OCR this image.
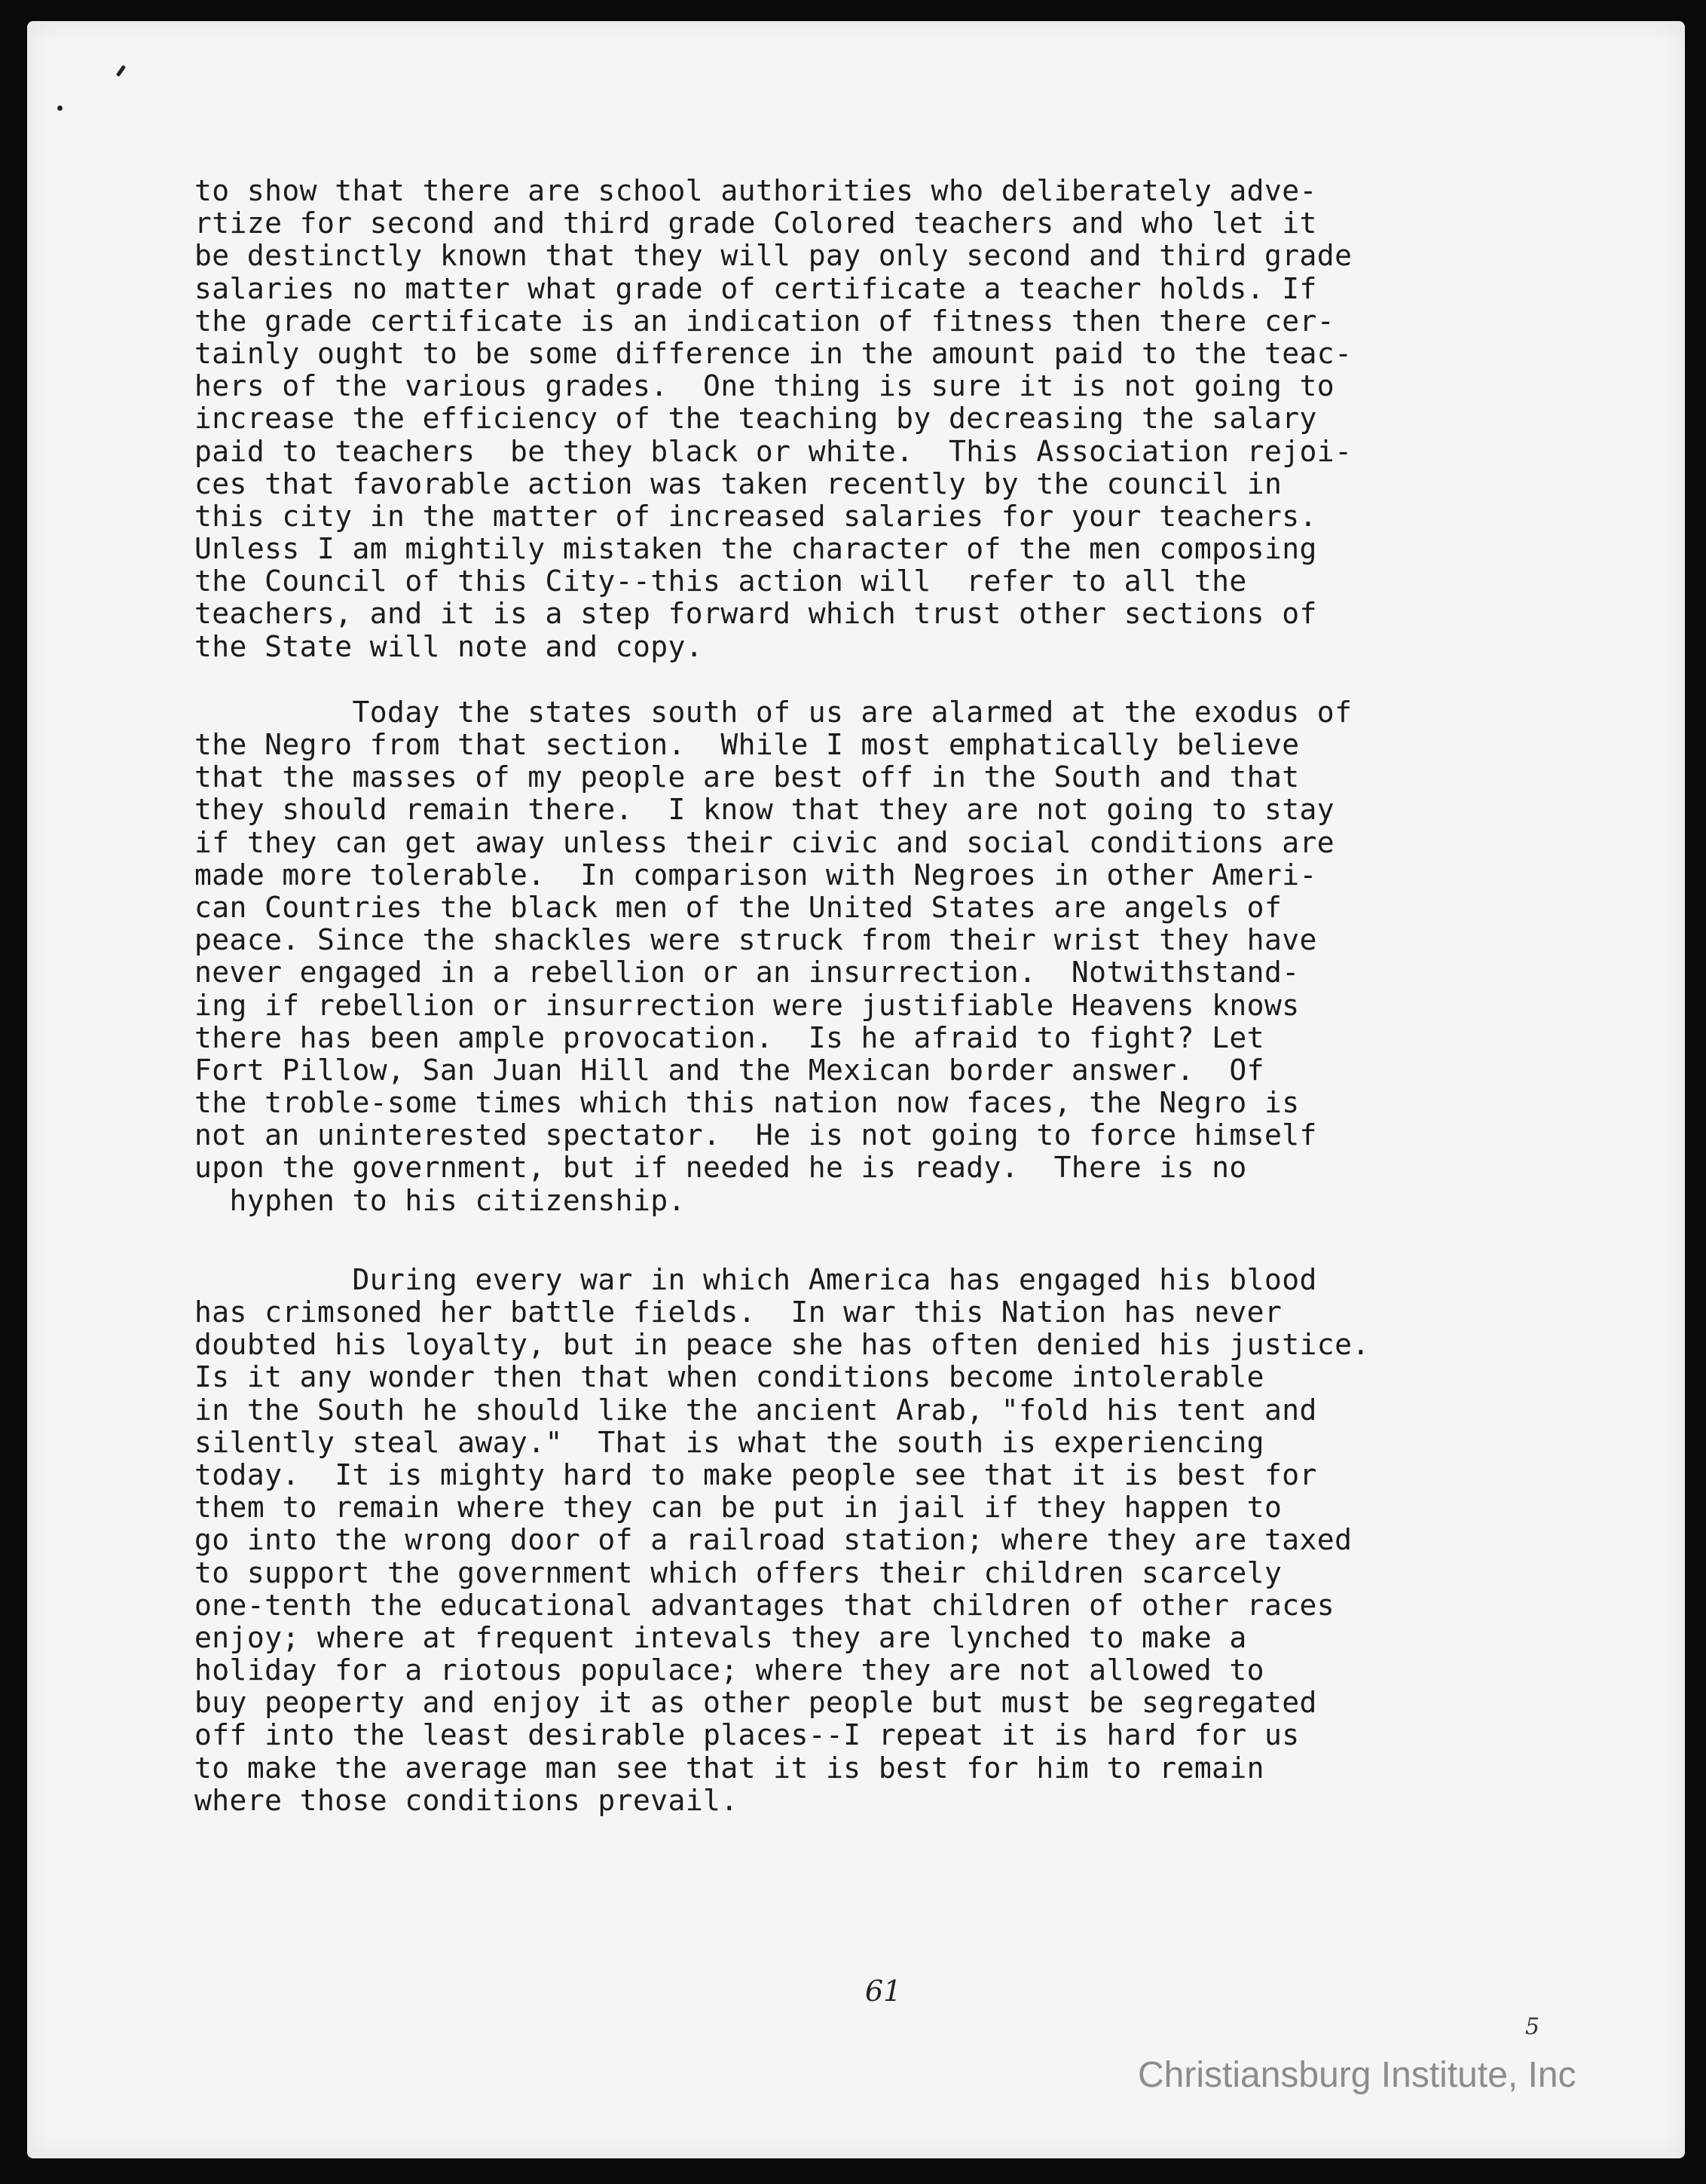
to show that there are school authorities who deliberately adve-
rtize for second and third grade Colored teachers and who let it
be destinctly known that they will pay only second and third grade
salaries no matter what grade of certificate a teacher holds. If
the grade certificate is an indication of fitness then there cer-
tainly ought to be some difference in the amount paid to the teac-
hers of the various grades.  One thing is sure it is not going to
increase the efficiency of the teaching by decreasing the salary
paid to teachers  be they black or white.  This Association rejoi-
ces that favorable action was taken recently by the council in
this city in the matter of increased salaries for your teachers.
Unless I am mightily mistaken the character of the men composing
the Council of this City--this action will  refer to all the
teachers, and it is a step forward which trust other sections of
the State will note and copy.
Today the states south of us are alarmed at the exodus of
the Negro from that section.  While I most emphatically believe
that the masses of my people are best off in the South and that
they should remain there.  I know that they are not going to stay
if they can get away unless their civic and social conditions are
made more tolerable.  In comparison with Negroes in other Ameri-
can Countries the black men of the United States are angels of
peace. Since the shackles were struck from their wrist they have
never engaged in a rebellion or an insurrection.  Notwithstand-
ing if rebellion or insurrection were justifiable Heavens knows
there has been ample provocation.  Is he afraid to fight? Let
Fort Pillow, San Juan Hill and the Mexican border answer.  Of
the troble-some times which this nation now faces, the Negro is
not an uninterested spectator.  He is not going to force himself
upon the government, but if needed he is ready.  There is no
hyphen to his citizenship.
During every war in which America has engaged his blood
has crimsoned her battle fields.  In war this Nation has never
doubted his loyalty, but in peace she has often denied his justice.
Is it any wonder then that when conditions become intolerable
in the South he should like the ancient Arab, "fold his tent and
silently steal away."  That is what the south is experiencing
today.  It is mighty hard to make people see that it is best for
them to remain where they can be put in jail if they happen to
go into the wrong door of a railroad station; where they are taxed
to support the government which offers their children scarcely
one-tenth the educational advantages that children of other races
enjoy; where at frequent intevals they are lynched to make a
holiday for a riotous populace; where they are not allowed to
buy peoperty and enjoy it as other people but must be segregated
off into the least desirable places--I repeat it is hard for us
to make the average man see that it is best for him to remain
where those conditions prevail.
61
5
Christiansburg Institute, Inc
